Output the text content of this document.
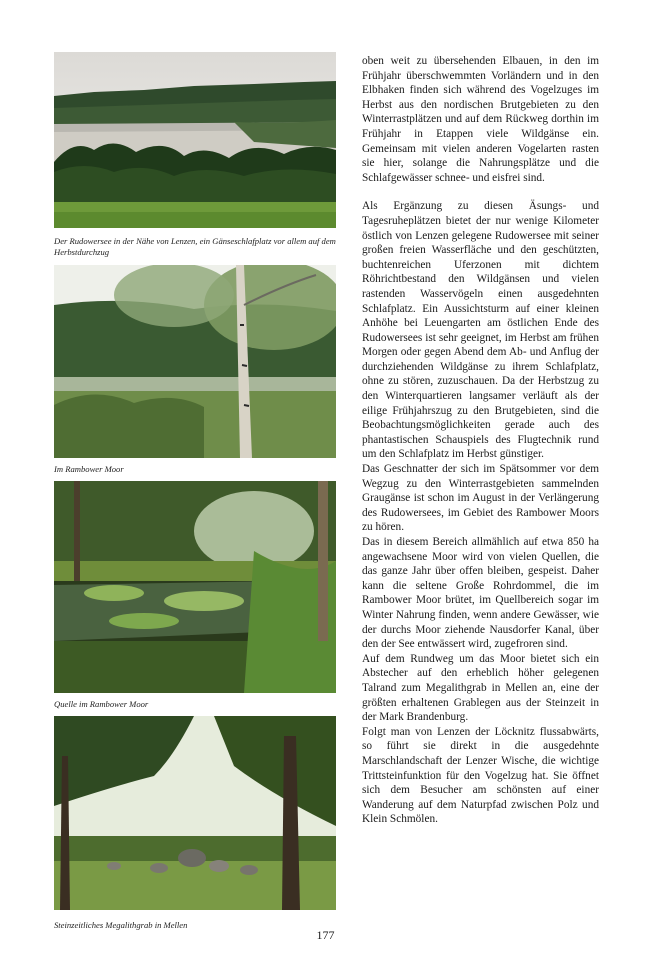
Der Rudowersee in der Nähe von Lenzen, ein Gänseschlafplatz vor allem auf dem Herbstdurchzug
Im Rambower Moor
Quelle im Rambower Moor
Steinzeitliches Megalithgrab in Mellen

oben weit zu übersehenden Elbauen, in den im Frühjahr überschwemmten Vorländern und in den Elbhaken finden sich während des Vogelzuges im Herbst aus den nordischen Brutgebieten zu den Winterrastplätzen und auf dem Rückweg dorthin im Frühjahr in Etappen viele Wildgänse ein. Gemeinsam mit vielen anderen Vogelarten rasten sie hier, solange die Nahrungsplätze und die Schlafgewässer schnee- und eisfrei sind.

Als Ergänzung zu diesen Äsungs- und Tagesruheplätzen bietet der nur wenige Kilometer östlich von Lenzen gelegene Rudowersee mit seiner großen freien Wasserfläche und den geschützten, buchtenreichen Uferzonen mit dichtem Röhrichtbestand den Wildgänsen und vielen rastenden Wasservögeln einen ausgedehnten Schlafplatz. Ein Aussichtsturm auf einer kleinen Anhöhe bei Leuengarten am östlichen Ende des Rudowersees ist sehr geeignet, im Herbst am frühen Morgen oder gegen Abend dem Ab- und Anflug der durchziehenden Wildgänse zu ihrem Schlafplatz, ohne zu stören, zuzuschauen. Da der Herbstzug zu den Winterquartieren langsamer verläuft als der eilige Frühjahrszug zu den Brutgebieten, sind die Beobachtungsmöglichkeiten gerade auch des phantastischen Schauspiels des Flugtechnik rund um den Schlafplatz im Herbst günstiger.

Das Geschnatter der sich im Spätsommer vor dem Wegzug zu den Winterrastgebieten sammelnden Graugänse ist schon im August in der Verlängerung des Rudowersees, im Gebiet des Rambower Moors zu hören.

Das in diesem Bereich allmählich auf etwa 850 ha angewachsene Moor wird von vielen Quellen, die das ganze Jahr über offen bleiben, gespeist. Daher kann die seltene Große Rohrdommel, die im Rambower Moor brütet, im Quellbereich sogar im Winter Nahrung finden, wenn andere Gewässer, wie der durchs Moor ziehende Nausdorfer Kanal, über den der See entwässert wird, zugefroren sind.

Auf dem Rundweg um das Moor bietet sich ein Abstecher auf den erheblich höher gelegenen Talrand zum Megalithgrab in Mellen an, eine der größten erhaltenen Grablegen aus der Steinzeit in der Mark Brandenburg.

Folgt man von Lenzen der Löcknitz flussabwärts, so führt sie direkt in die ausgedehnte Marschlandschaft der Lenzer Wische, die wichtige Trittsteinfunktion für den Vogelzug hat. Sie öffnet sich dem Besucher am schönsten auf einer Wanderung auf dem Naturpfad zwischen Polz und Klein Schmölen.

177
